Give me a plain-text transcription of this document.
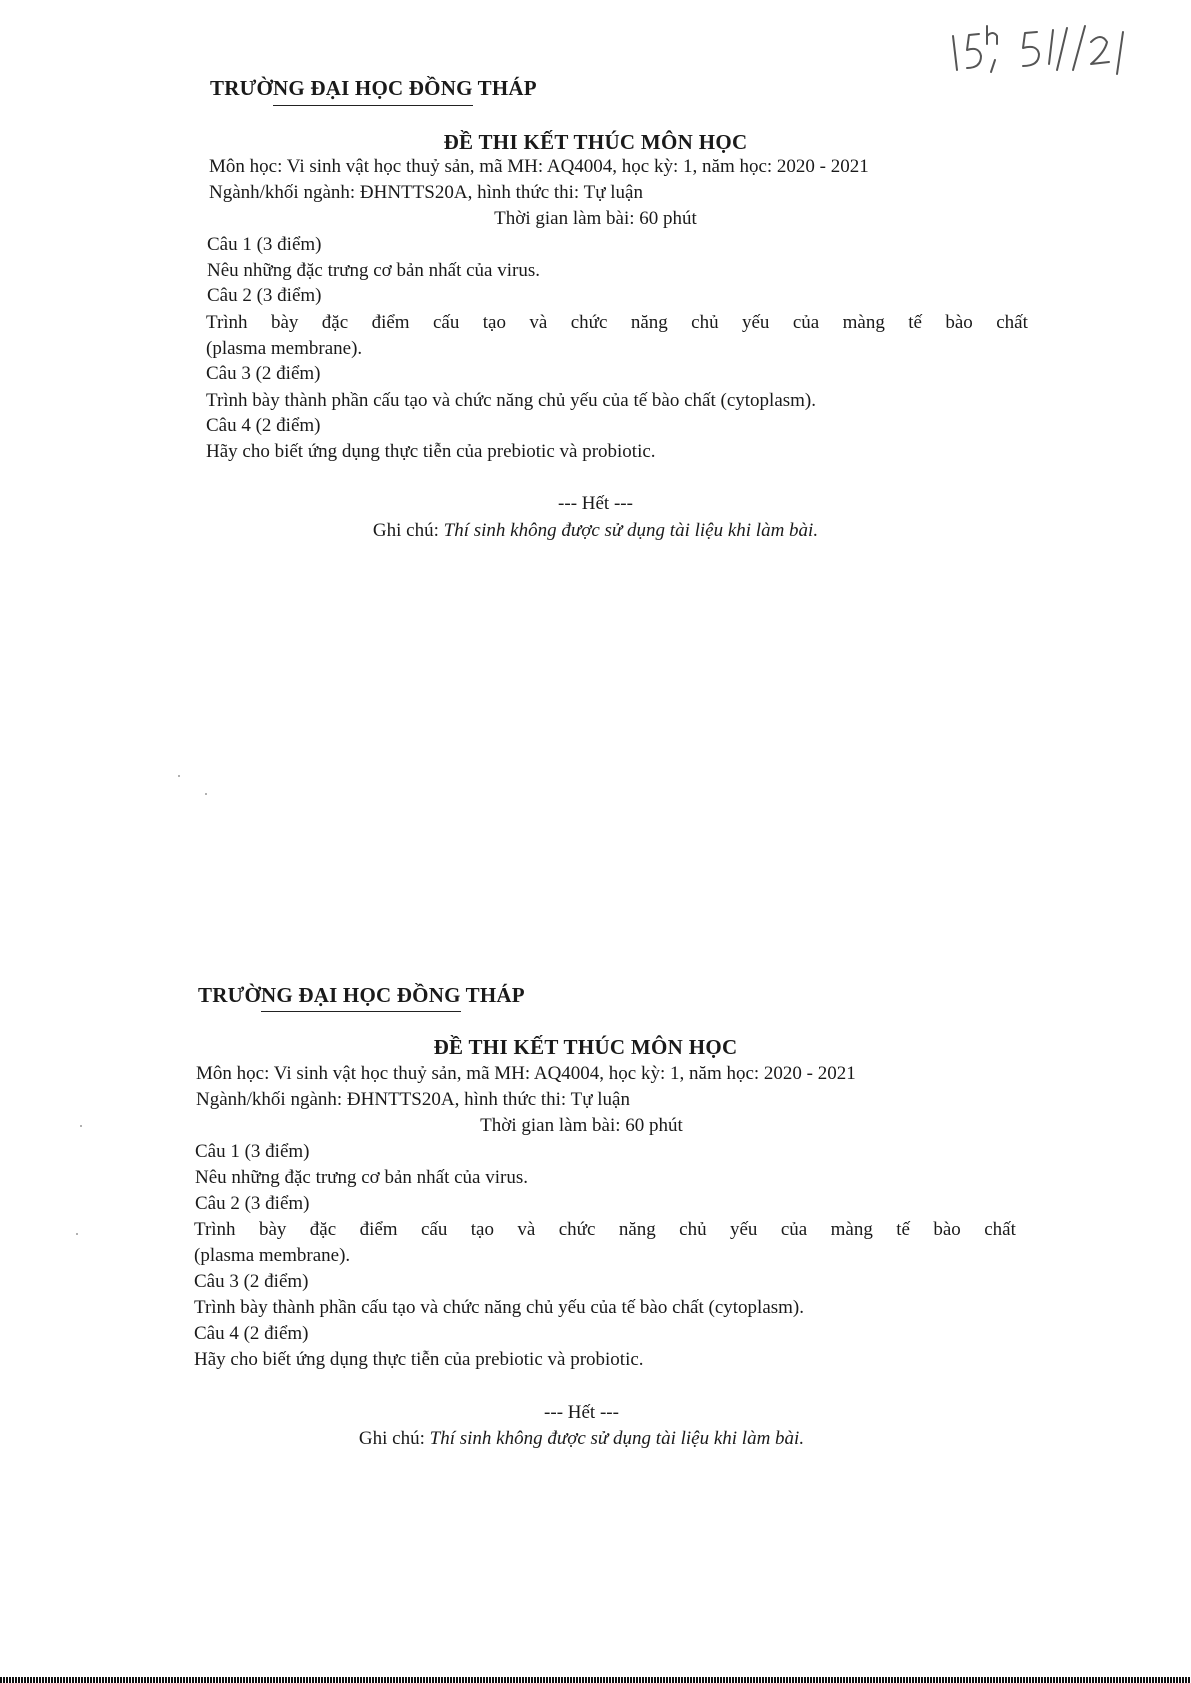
TRƯỜNG ĐẠI HỌC ĐỒNG THÁP
ĐỀ THI KẾT THÚC MÔN HỌC
Môn học: Vi sinh vật học thuỷ sản, mã MH: AQ4004, học kỳ: 1, năm học: 2020 - 2021
Ngành/khối ngành: ĐHNTTS20A, hình thức thi: Tự luận
Thời gian làm bài: 60 phút
Câu 1 (3 điểm)
Nêu những đặc trưng cơ bản nhất của virus.
Câu 2 (3 điểm)
Trình bày đặc điểm cấu tạo và chức năng chủ yếu của màng tế bào chất
(plasma membrane).
Câu 3 (2 điểm)
Trình bày thành phần cấu tạo và chức năng chủ yếu của tế bào chất (cytoplasm).
Câu 4 (2 điểm)
Hãy cho biết ứng dụng thực tiễn của prebiotic và probiotic.
--- Hết ---
Ghi chú: Thí sinh không được sử dụng tài liệu khi làm bài.
TRƯỜNG ĐẠI HỌC ĐỒNG THÁP
ĐỀ THI KẾT THÚC MÔN HỌC
Môn học: Vi sinh vật học thuỷ sản, mã MH: AQ4004, học kỳ: 1, năm học: 2020 - 2021
Ngành/khối ngành: ĐHNTTS20A, hình thức thi: Tự luận
Thời gian làm bài: 60 phút
Câu 1 (3 điểm)
Nêu những đặc trưng cơ bản nhất của virus.
Câu 2 (3 điểm)
Trình bày đặc điểm cấu tạo và chức năng chủ yếu của màng tế bào chất
(plasma membrane).
Câu 3 (2 điểm)
Trình bày thành phần cấu tạo và chức năng chủ yếu của tế bào chất (cytoplasm).
Câu 4 (2 điểm)
Hãy cho biết ứng dụng thực tiễn của prebiotic và probiotic.
--- Hết ---
Ghi chú: Thí sinh không được sử dụng tài liệu khi làm bài.
